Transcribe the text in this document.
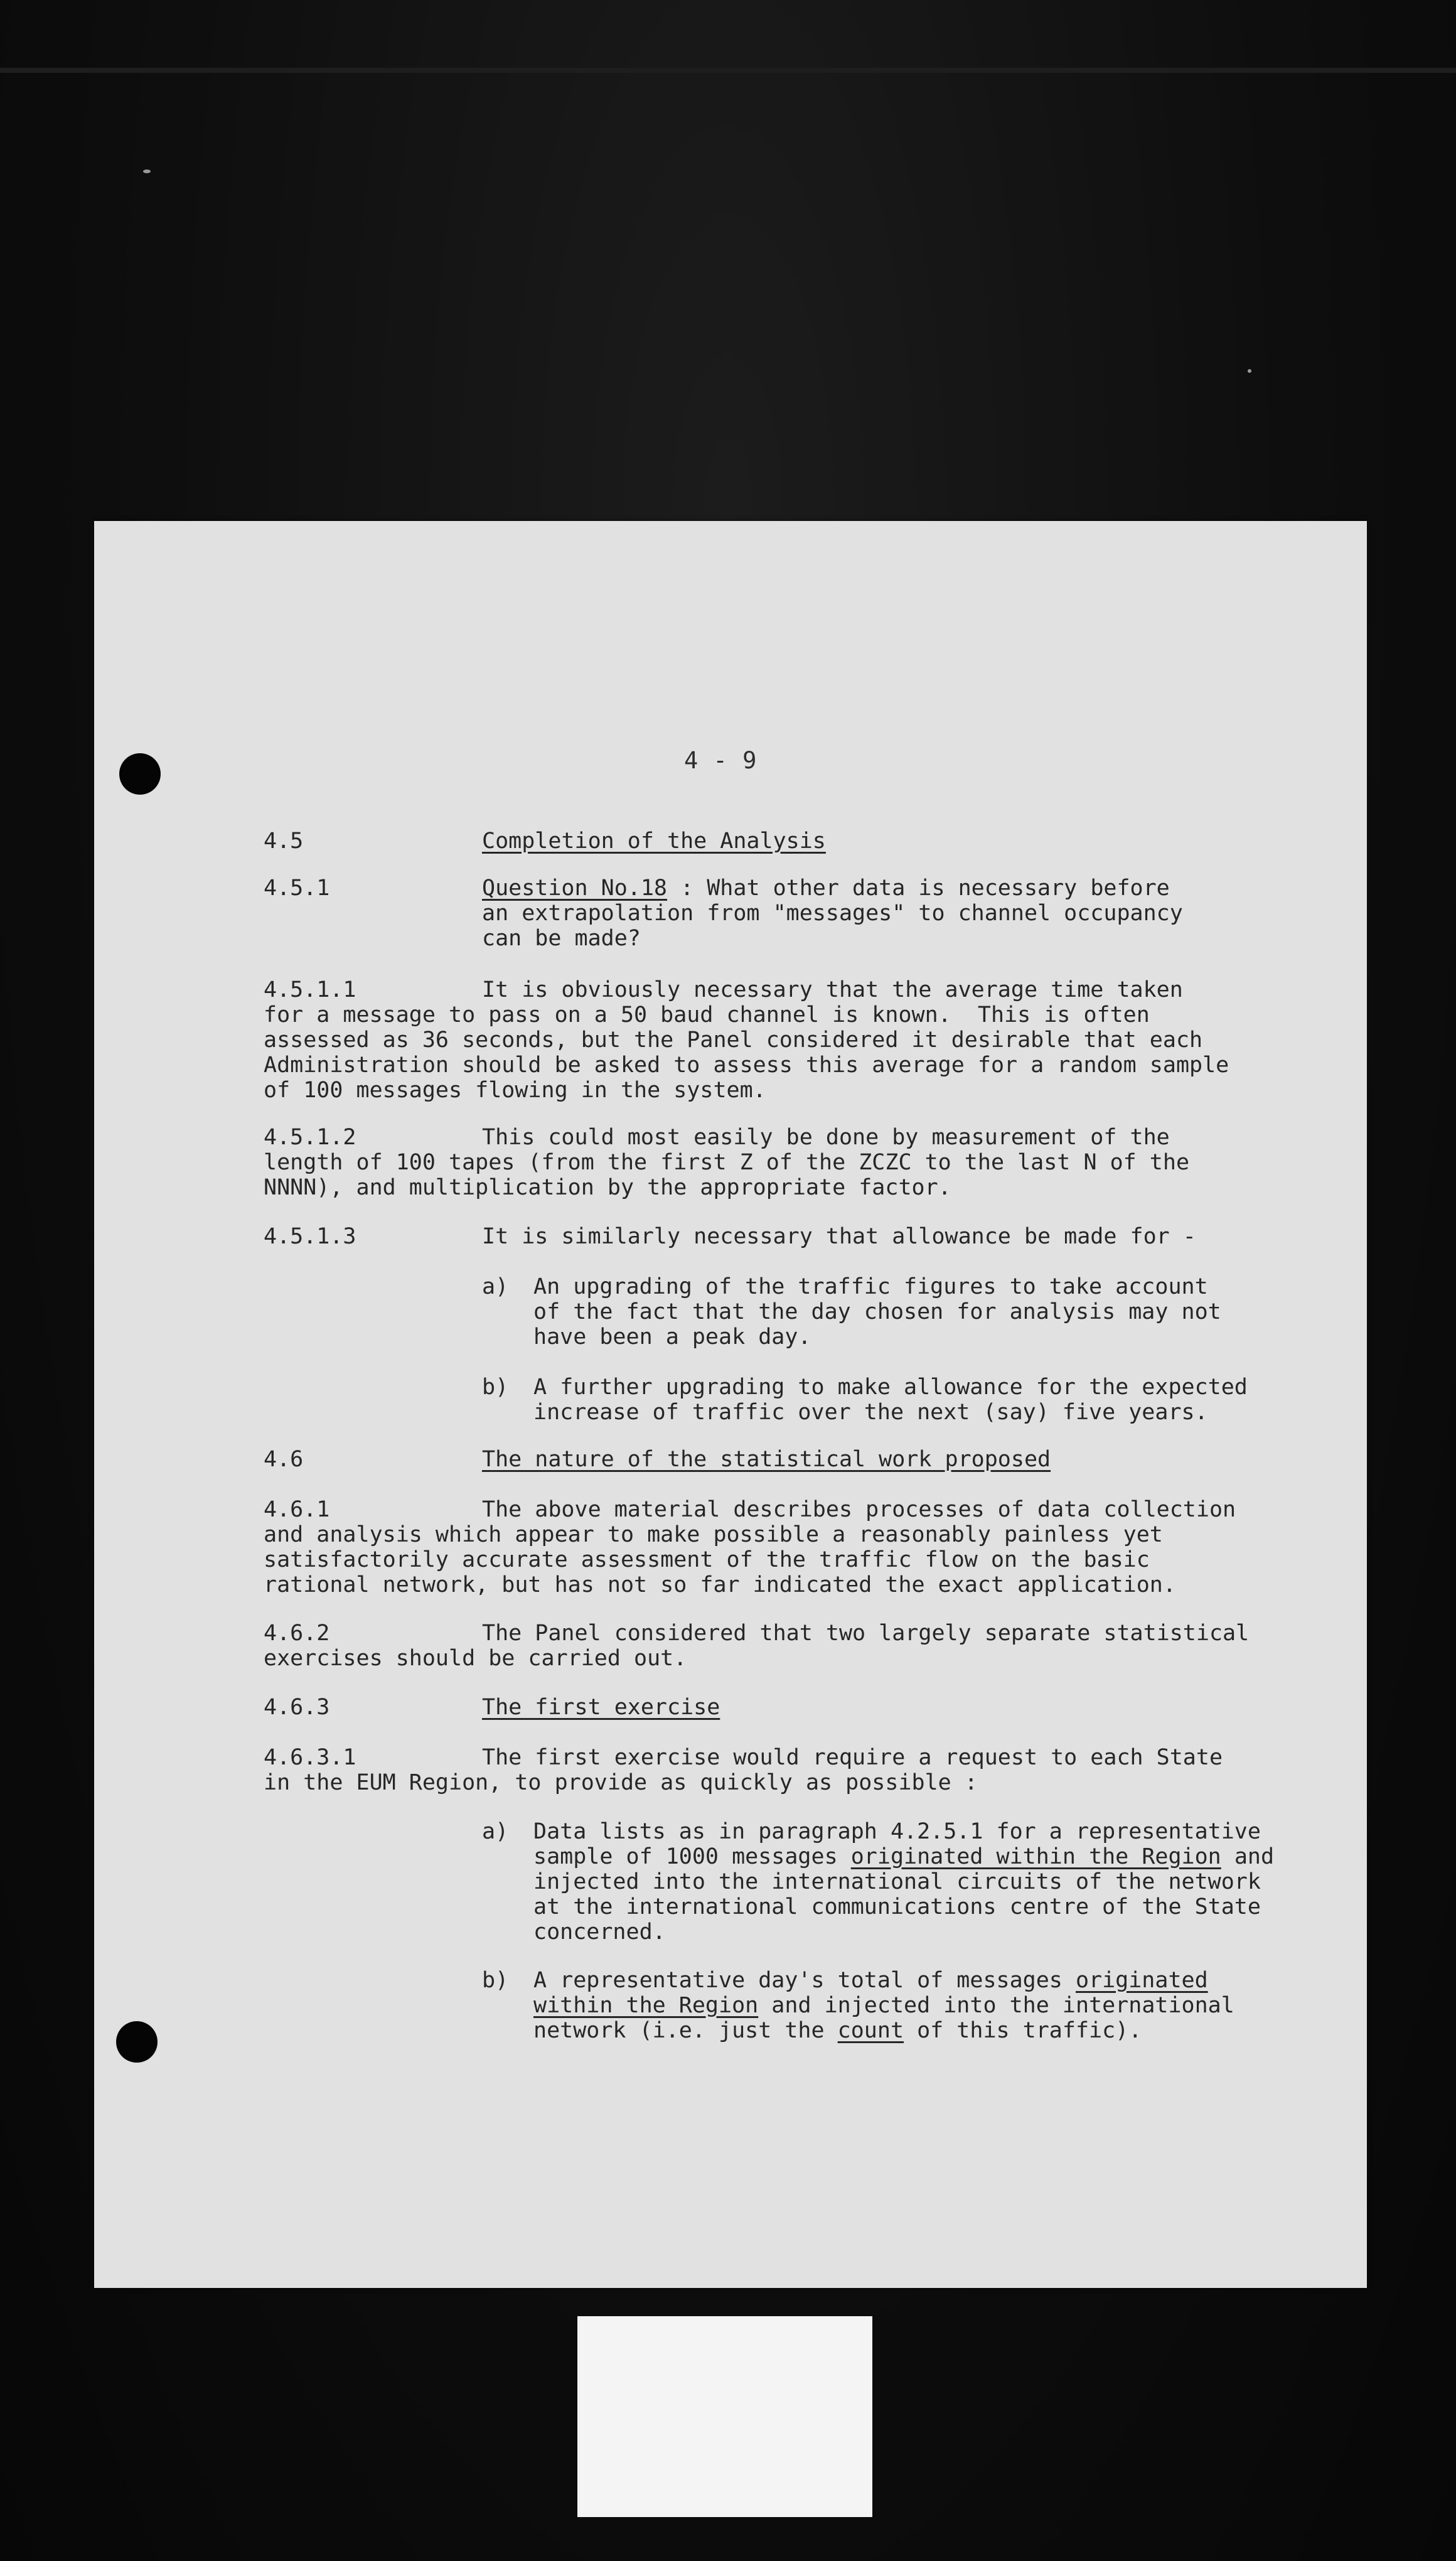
4 - 9
4.5	Completion of the Analysis
4.5.1	Question No.18 : What other data is necessary before
an extrapolation from "messages" to channel occupancy
can be made?
4.5.1.1	It is obviously necessary that the average time taken
for a message to pass on a 50 baud channel is known.  This is often
assessed as 36 seconds, but the Panel considered it desirable that each
Administration should be asked to assess this average for a random sample
of 100 messages flowing in the system.
4.5.1.2	This could most easily be done by measurement of the
length of 100 tapes (from the first Z of the ZCZC to the last N of the
NNNN), and multiplication by the appropriate factor.
4.5.1.3	It is similarly necessary that allowance be made for -
a) An upgrading of the traffic figures to take account
of the fact that the day chosen for analysis may not
have been a peak day.
b) A further upgrading to make allowance for the expected
increase of traffic over the next (say) five years.
4.6	The nature of the statistical work proposed
4.6.1	The above material describes processes of data collection
and analysis which appear to make possible a reasonably painless yet
satisfactorily accurate assessment of the traffic flow on the basic
rational network, but has not so far indicated the exact application.
4.6.2	The Panel considered that two largely separate statistical
exercises should be carried out.
4.6.3	The first exercise
4.6.3.1	The first exercise would require a request to each State
in the EUM Region, to provide as quickly as possible :
a) Data lists as in paragraph 4.2.5.1 for a representative
sample of 1000 messages originated within the Region and
injected into the international circuits of the network
at the international communications centre of the State
concerned.
b) A representative day's total of messages originated
within the Region and injected into the international
network (i.e. just the count of this traffic).
